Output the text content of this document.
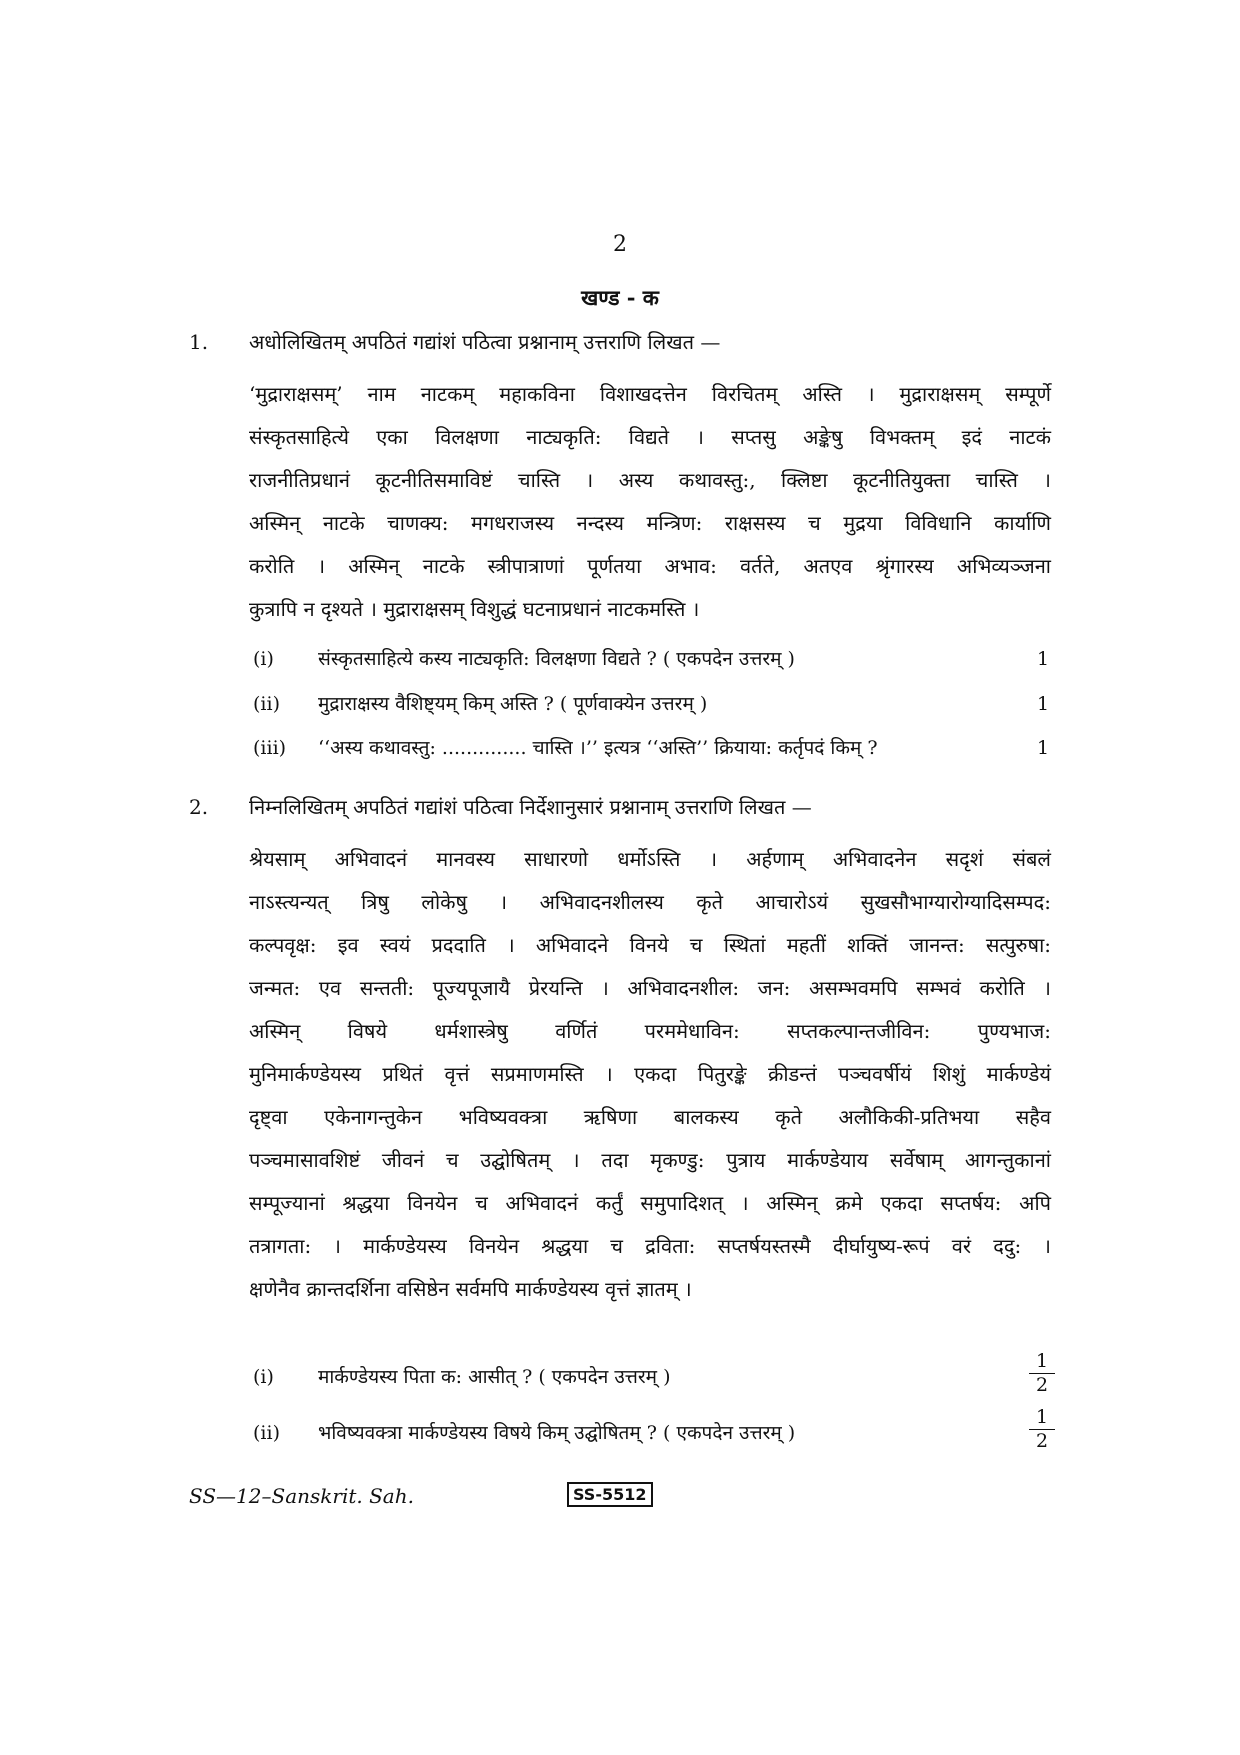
2
खण्ड - क
1. अधोलिखितम् अपठितं गद्यांशं पठित्वा प्रश्नानाम् उत्तराणि लिखत —
‘मुद्राराक्षसम्’ नाम नाटकम् महाकविना विशाखदत्तेन विरचितम् अस्ति । मुद्राराक्षसम् सम्पूर्णे
संस्कृतसाहित्ये एका विलक्षणा नाट्यकृति: विद्यते । सप्तसु अङ्केषु विभक्तम् इदं नाटकं
राजनीतिप्रधानं कूटनीतिसमाविष्टं चास्ति । अस्य कथावस्तु:, क्लिष्टा कूटनीतियुक्ता चास्ति ।
अस्मिन् नाटके चाणक्य: मगधराजस्य नन्दस्य मन्त्रिण: राक्षसस्य च मुद्रया विविधानि कार्याणि
करोति । अस्मिन् नाटके स्त्रीपात्राणां पूर्णतया अभाव: वर्तते, अतएव श्रृंगारस्य अभिव्यञ्जना
कुत्रापि न दृश्यते । मुद्राराक्षसम् विशुद्धं घटनाप्रधानं नाटकमस्ति ।
(i)	संस्कृतसाहित्ये कस्य नाट्यकृति: विलक्षणा विद्यते ? ( एकपदेन उत्तरम् )	1
(ii)	मुद्राराक्षस्य वैशिष्ट्यम् किम् अस्ति ? ( पूर्णवाक्येन उत्तरम् )	1
(iii)	‘‘अस्य कथावस्तु: .............. चास्ति ।’’ इत्यत्र ‘‘अस्ति’’ क्रियाया: कर्तृपदं किम् ?	1
2. निम्नलिखितम् अपठितं गद्यांशं पठित्वा निर्देशानुसारं प्रश्नानाम् उत्तराणि लिखत —
श्रेयसाम् अभिवादनं मानवस्य साधारणो धर्मोऽस्ति । अर्हणाम् अभिवादनेन सदृशं संबलं
नाऽस्त्यन्यत् त्रिषु लोकेषु । अभिवादनशीलस्य कृते आचारोऽयं सुखसौभाग्यारोग्यादिसम्पद:
कल्पवृक्ष: इव स्वयं प्रददाति । अभिवादने विनये च स्थितां महतीं शक्तिं जानन्त: सत्पुरुषा:
जन्मत: एव सन्तती: पूज्यपूजायै प्रेरयन्ति । अभिवादनशील: जन: असम्भवमपि सम्भवं करोति ।
अस्मिन् विषये धर्मशास्त्रेषु वर्णितं परममेधाविन: सप्तकल्पान्तजीविन: पुण्यभाज:
मुनिमार्कण्डेयस्य प्रथितं वृत्तं सप्रमाणमस्ति । एकदा पितुरङ्के क्रीडन्तं पञ्चवर्षीयं शिशुं मार्कण्डेयं
दृष्ट्वा एकेनागन्तुकेन भविष्यवक्त्रा ऋषिणा बालकस्य कृते अलौकिकी-प्रतिभया सहैव
पञ्चमासावशिष्टं जीवनं च उद्घोषितम् । तदा मृकण्डु: पुत्राय मार्कण्डेयाय सर्वेषाम् आगन्तुकानां
सम्पूज्यानां श्रद्धया विनयेन च अभिवादनं कर्तुं समुपादिशत् । अस्मिन् क्रमे एकदा सप्तर्षय: अपि
तत्रागता: । मार्कण्डेयस्य विनयेन श्रद्धया च द्रविता: सप्तर्षयस्तस्मै दीर्घायुष्य-रूपं वरं ददु: ।
क्षणेनैव क्रान्तदर्शिना वसिष्ठेन सर्वमपि मार्कण्डेयस्य वृत्तं ज्ञातम् ।
(i)	मार्कण्डेयस्य पिता क: आसीत् ? ( एकपदेन उत्तरम् )	$\frac{1}{2}$
(ii)	भविष्यवक्त्रा मार्कण्डेयस्य विषये किम् उद्घोषितम् ? ( एकपदेन उत्तरम् )	$\frac{1}{2}$
SS—12–Sanskrit. Sah.	SS-5512
